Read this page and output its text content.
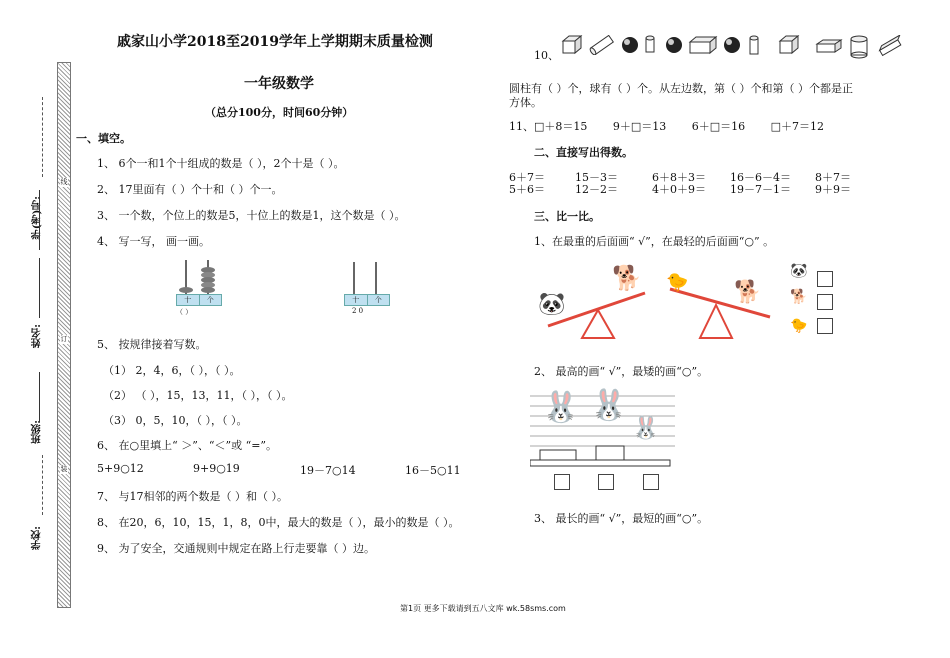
线
订
装
学(考)号:
姓名:
班级:
学校:
戚家山小学2018至2019学年上学期期末质量检测
一年级数学
（总分100分，时间60分钟）
一、填空。
1、 6个一和1个十组成的数是（ ），2个十是（ ）。
2、 17里面有（ ）个十和（ ）个一。
3、 一个数，个位上的数是5，十位上的数是1，这个数是（ ）。
4、 写一写， 画一画。
十	个
（ ）
十	个
2 0
5、 按规律接着写数。
（1） 2，4，6，（ ），（ ）。
（2） （ ），15，13，11，（ ），（ ）。
（3） 0，5，10，（ ），（ ）。
6、 在○里填上“ ＞”、“＜”或 “=”。
5+9○12	9+9○19	19－7○14	16－5○11
7、 与17相邻的两个数是（ ）和（ ）。
8、 在20，6，10，15，1，8，0中，最大的数是（ ），最小的数是（ ）。
9、 为了安全，交通规则中规定在路上行走要靠（ ）边。
10、
圆柱有（ ）个，球有（ ）个。从左边数，第（ ）个和第（ ）个都是正
方体。
11、□＋8＝15　　 9＋□＝13　　 6＋□＝16　　 □＋7＝12
二、直接写出得数。
6＋7＝	15－3＝	6＋8＋3＝ 16－6－4＝ 8＋7＝
5＋6＝	12－2＝	4＋0＋9＝ 19－7－1＝ 9＋9＝
三、比一比。
1、在最重的后面画“ √”，在最轻的后面画“○” 。
🐼
🐕 🐤 🐕
🐼
🐕
🐤
2、 最高的画“ √”，最矮的画“○”。
🐰 🐰
🐰
3、 最长的画“ √”，最短的画“○”。
第1页 更多下载请到五八文库 wk.58sms.com
